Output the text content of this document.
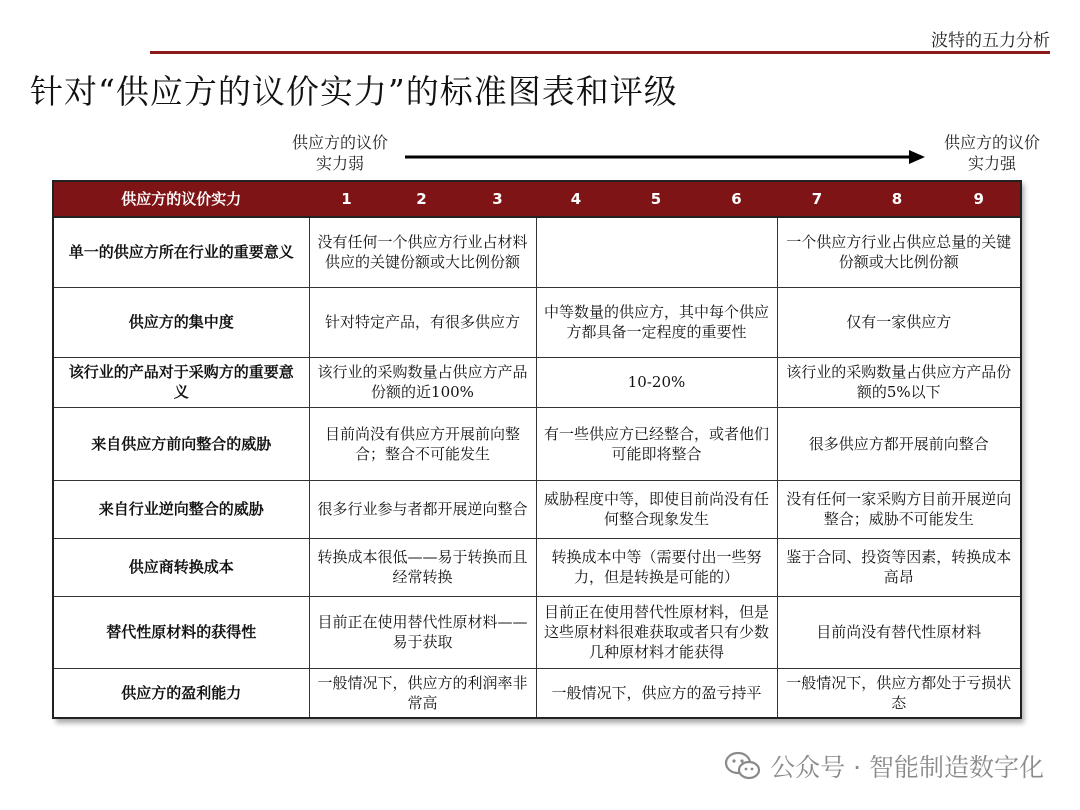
波特的五力分析
针对“供应方的议价实力”的标准图表和评级
供应方的议价
实力弱
供应方的议价
实力强
供应方的议价实力	1	2	3	4	5	6	7	8	9
单一的供应方所在行业的重要意义	没有任何一个供应方行业占材料供应的关键份额或大比例份额						一个供应方行业占供应总量的关键份额或大比例份额		
供应方的集中度	针对特定产品，有很多供应方			中等数量的供应方，其中每个供应方都具备一定程度的重要性			仅有一家供应方		
该行业的产品对于采购方的重要意义	该行业的采购数量占供应方产品份额的近100%			10-20%			该行业的采购数量占供应方产品份额的5%以下		
来自供应方前向整合的威胁	目前尚没有供应方开展前向整合；整合不可能发生			有一些供应方已经整合，或者他们可能即将整合			很多供应方都开展前向整合		
来自行业逆向整合的威胁	很多行业参与者都开展逆向整合			威胁程度中等，即使目前尚没有任何整合现象发生			没有任何一家采购方目前开展逆向整合；威胁不可能发生		
供应商转换成本	转换成本很低——易于转换而且经常转换			转换成本中等（需要付出一些努力，但是转换是可能的）			鉴于合同、投资等因素，转换成本高昂		
替代性原材料的获得性	目前正在使用替代性原材料——易于获取			目前正在使用替代性原材料，但是这些原材料很难获取或者只有少数几种原材料才能获得			目前尚没有替代性原材料		
供应方的盈利能力	一般情况下，供应方的利润率非常高			一般情况下，供应方的盈亏持平			一般情况下，供应方都处于亏损状态		
公众号 · 智能制造数字化
